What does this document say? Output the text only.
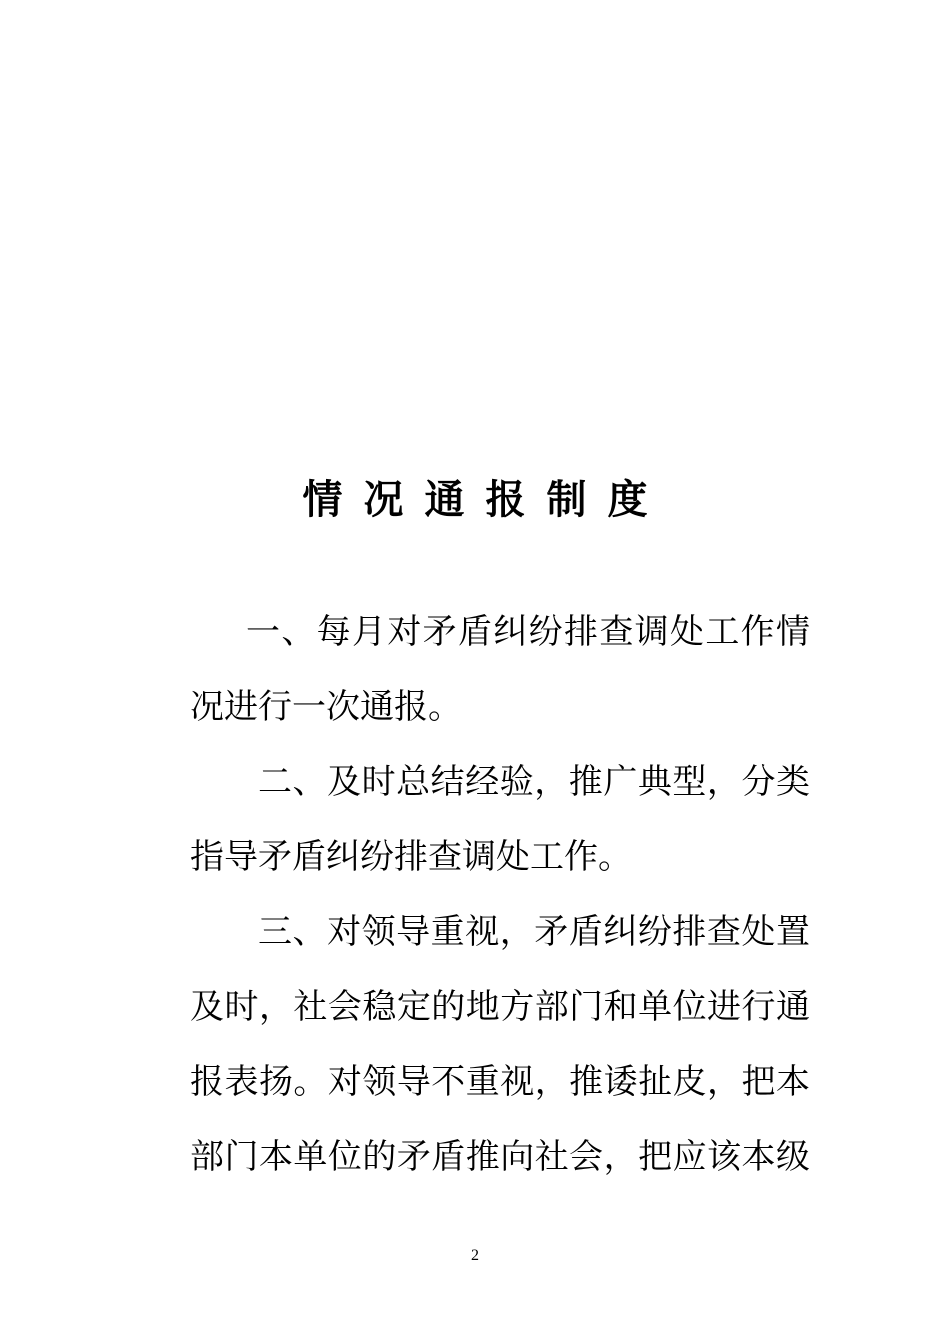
情况通报制度
一、每月对矛盾纠纷排查调处工作情
况进行一次通报。
二、及时总结经验，推广典型，分类
指导矛盾纠纷排查调处工作。
三、对领导重视，矛盾纠纷排查处置
及时，社会稳定的地方部门和单位进行通
报表扬。对领导不重视，推诿扯皮，把本
部门本单位的矛盾推向社会，把应该本级
2
